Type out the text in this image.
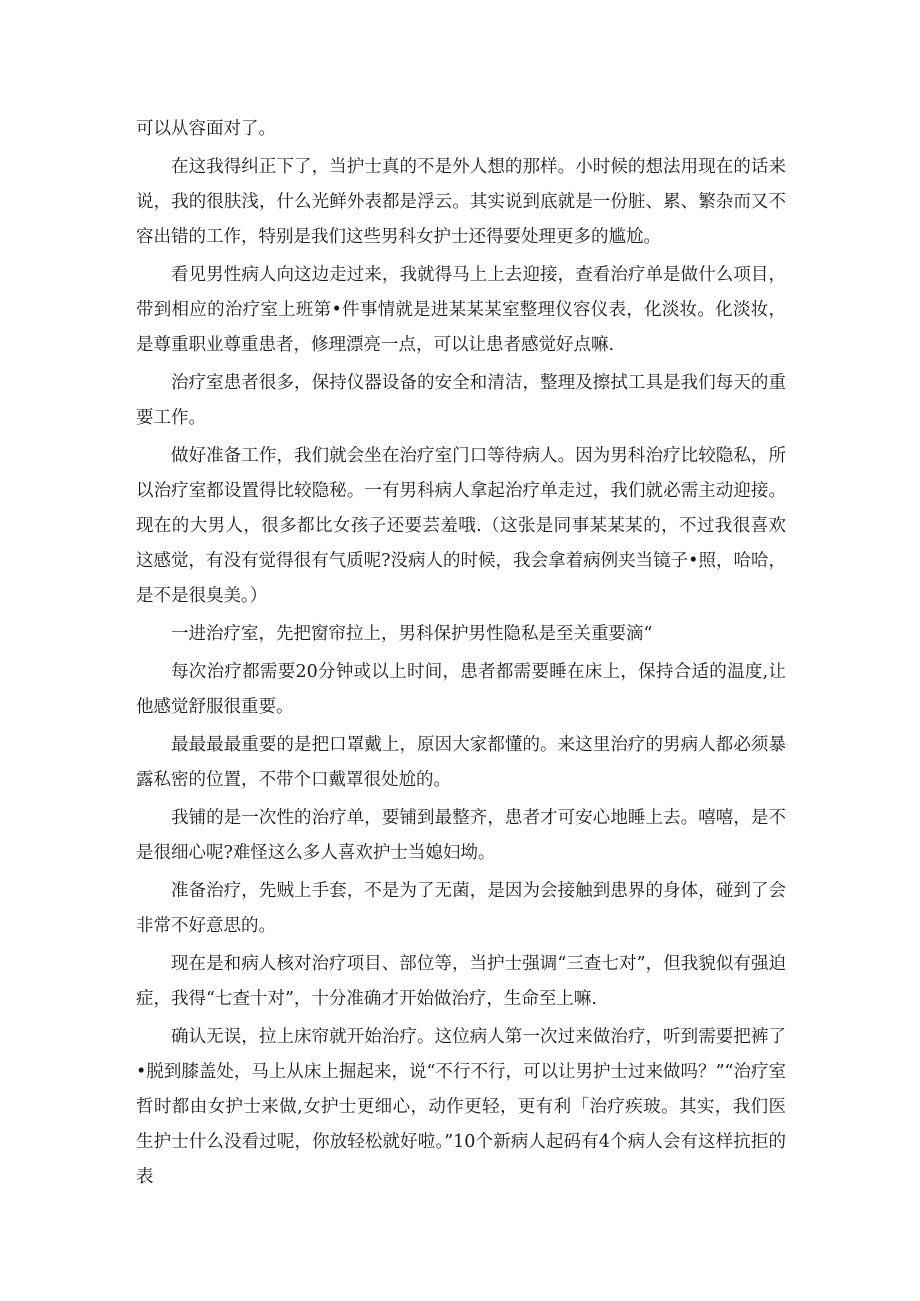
可以从容面对了。

在这我得纠正下了，当护士真的不是外人想的那样。小时候的想法用现在的话来说，我的很肤浅，什么光鲜外表都是浮云。其实说到底就是一份脏、累、繁杂而又不容出错的工作，特别是我们这些男科女护士还得要处理更多的尴尬。

看见男性病人向这边走过来，我就得马上上去迎接，查看治疗单是做什么项目，带到相应的治疗室上班第•件事情就是进某某某室整理仪容仪表，化淡妆。化淡妆，是尊重职业尊重患者，修理漂亮一点，可以让患者感觉好点嘛.

治疗室患者很多，保持仪器设备的安全和清洁，整理及擦拭工具是我们每天的重要工作。

做好准备工作，我们就会坐在治疗室门口等待病人。因为男科治疗比较隐私，所以治疗室都设置得比较隐秘。一有男科病人拿起治疗单走过，我们就必需主动迎接。现在的大男人，很多都比女孩子还要芸羞哦.（这张是同事某某某的，不过我很喜欢这感觉，有没有觉得很有气质呢?没病人的时候，我会拿着病例夹当镜子•照，哈哈，是不是很臭美。）

一进治疗室，先把窗帘拉上，男科保护男性隐私是至关重要滴“

每次治疗都需要20分钟或以上时间，患者都需要睡在床上，保持合适的温度,让他感觉舒服很重要。

最最最最重要的是把口罩戴上，原因大家都懂的。来这里治疗的男病人都必须暴露私密的位置，不带个口戴罩很处尬的。

我铺的是一次性的治疗单，要铺到最整齐，患者才可安心地睡上去。嘻嘻，是不是很细心呢?难怪这么多人喜欢护士当媳妇坳。

准备治疗，先贼上手套，不是为了无菌，是因为会接触到患界的身体，碰到了会非常不好意思的。

现在是和病人核对治疗项目、部位等，当护士强调“三查七对”，但我貌似有强迫症，我得“七查十对”，十分准确才开始做治疗，生命至上嘛.

确认无误，拉上床帘就开始治疗。这位病人第一次过来做治疗，听到需要把裤了•脱到膝盖处，马上从床上掘起来，说“不行不行，可以让男护士过来做吗？”“治疗室哲时都由女护士来做,女护士更细心，动作更轻，更有利「治疗疾玻。其实，我们医生护士什么没看过呢，你放轻松就好啦。”10个新病人起码有4个病人会有这样抗拒的表
